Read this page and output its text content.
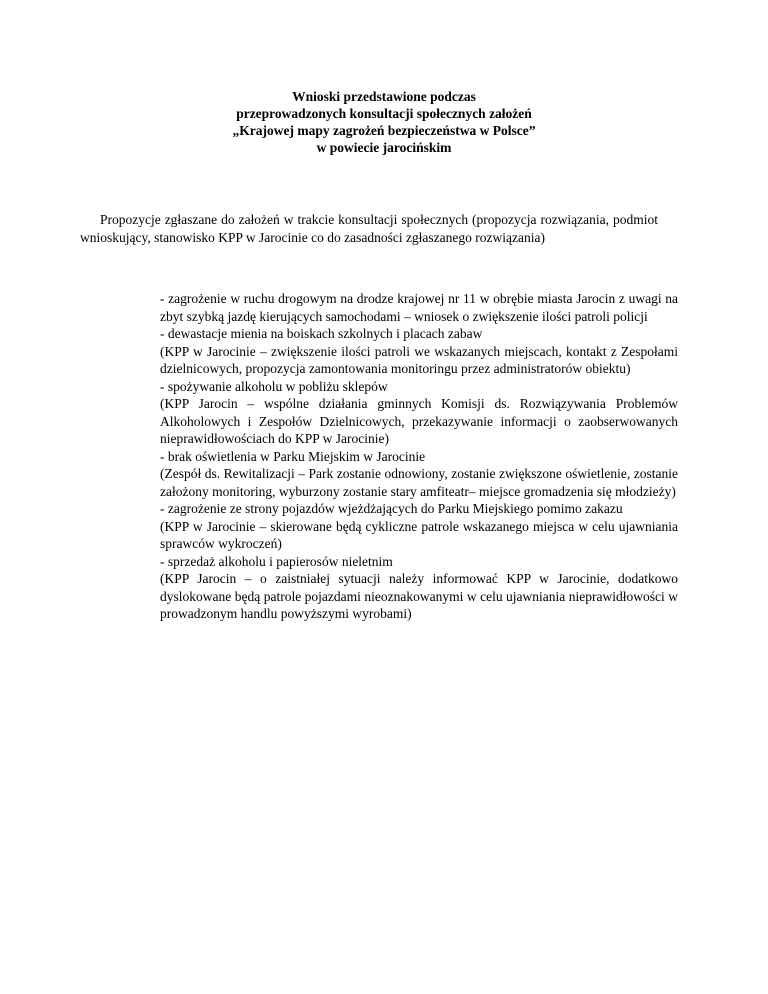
Wnioski przedstawione podczas
przeprowadzonych konsultacji społecznych założeń
„Krajowej mapy zagrożeń bezpieczeństwa w Polsce”
w powiecie jarocińskim

Propozycje zgłaszane do założeń w trakcie konsultacji społecznych (propozycja rozwiązania, podmiot wnioskujący, stanowisko KPP w Jarocinie co do zasadności zgłaszanego rozwiązania)

- zagrożenie w ruchu drogowym na drodze krajowej nr 11 w obrębie miasta Jarocin z uwagi na zbyt szybką jazdę kierujących samochodami – wniosek o zwiększenie ilości patroli policji
- dewastacje mienia na boiskach szkolnych i placach zabaw
(KPP w Jarocinie – zwiększenie ilości patroli we wskazanych miejscach, kontakt z Zespołami dzielnicowych, propozycja zamontowania monitoringu przez administratorów obiektu)
- spożywanie alkoholu w pobliżu sklepów
(KPP Jarocin – wspólne działania gminnych Komisji ds. Rozwiązywania Problemów Alkoholowych i Zespołów Dzielnicowych, przekazywanie informacji o zaobserwowanych nieprawidłowościach do KPP w Jarocinie)
- brak oświetlenia w Parku Miejskim w Jarocinie
(Zespół ds. Rewitalizacji – Park zostanie odnowiony, zostanie zwiększone oświetlenie, zostanie założony monitoring, wyburzony zostanie stary amfiteatr– miejsce gromadzenia się młodzieży)
- zagrożenie ze strony pojazdów wjeżdżających do Parku Miejskiego pomimo zakazu
(KPP w Jarocinie – skierowane będą cykliczne patrole wskazanego miejsca w celu ujawniania sprawców wykroczeń)
- sprzedaż alkoholu i papierosów nieletnim
(KPP Jarocin – o zaistniałej sytuacji należy informować KPP w Jarocinie, dodatkowo dyslokowane będą patrole pojazdami nieoznakowanymi w celu ujawniania nieprawidłowości w prowadzonym handlu powyższymi wyrobami)
